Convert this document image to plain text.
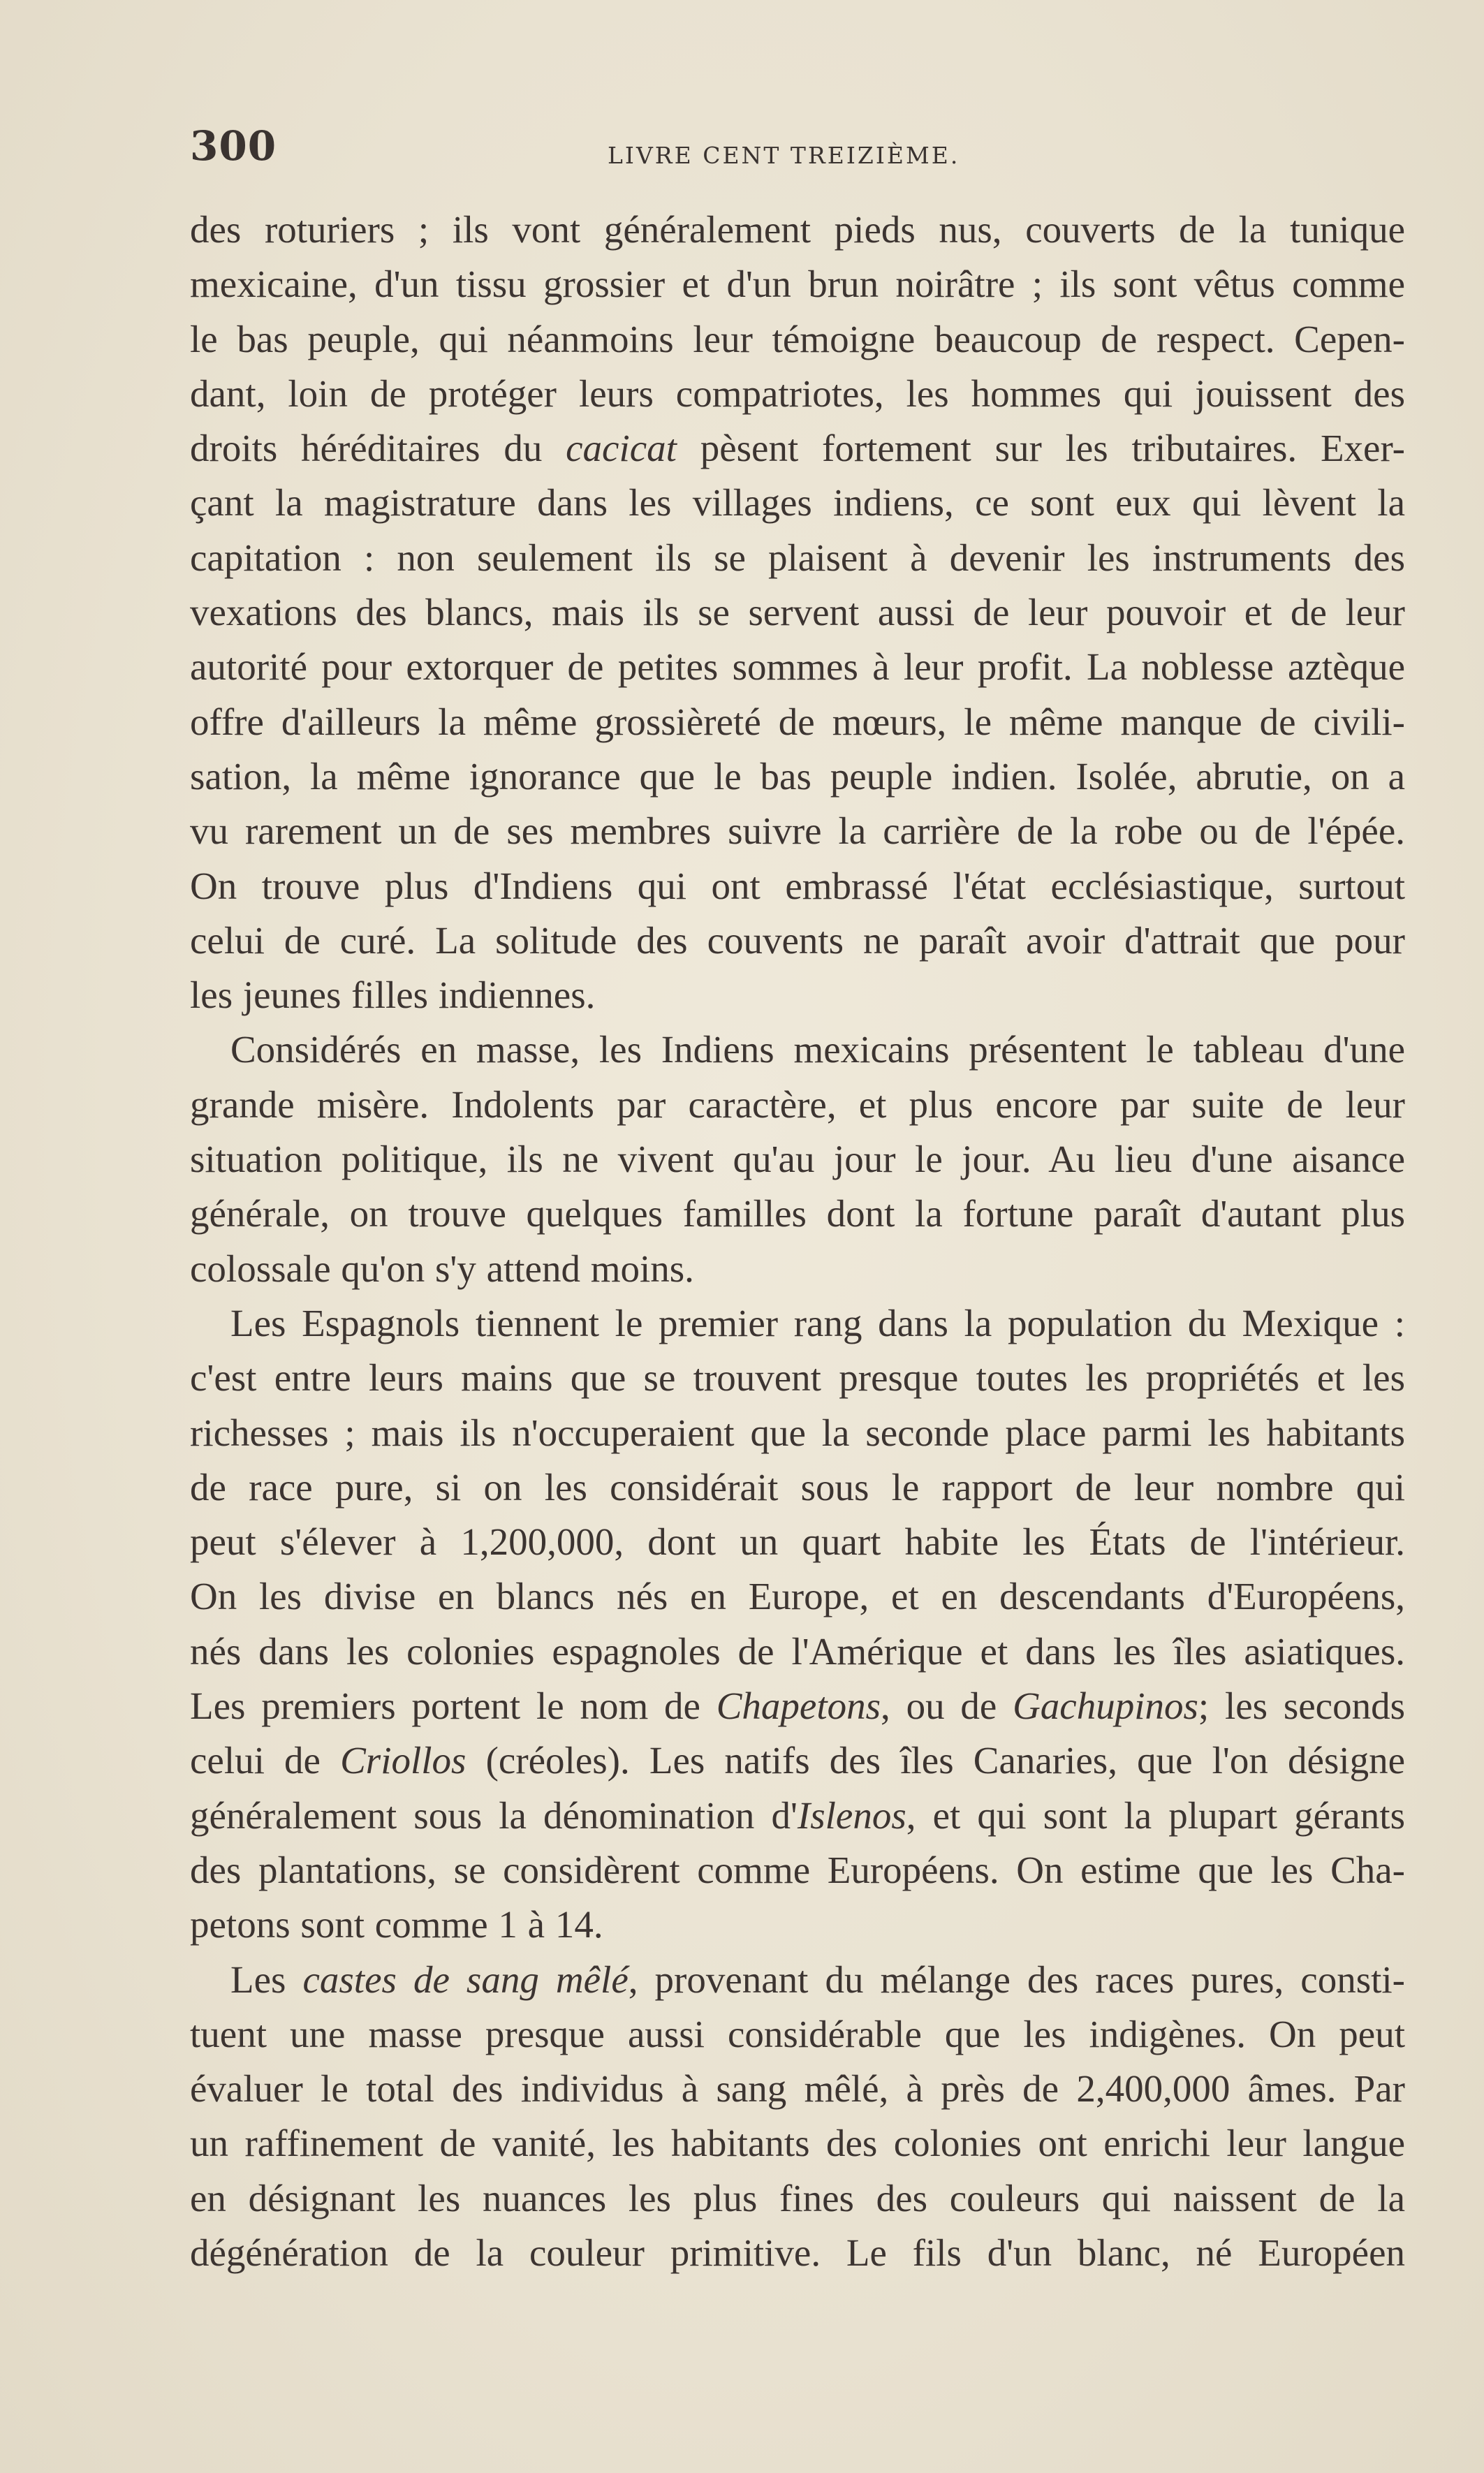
300	LIVRE CENT TREIZIÈME.
des roturiers ; ils vont généralement pieds nus, couverts de la tunique
mexicaine, d'un tissu grossier et d'un brun noirâtre ; ils sont vêtus comme
le bas peuple, qui néanmoins leur témoigne beaucoup de respect. Cepen-
dant, loin de protéger leurs compatriotes, les hommes qui jouissent des
droits héréditaires du cacicat pèsent fortement sur les tributaires. Exer-
çant la magistrature dans les villages indiens, ce sont eux qui lèvent la
capitation : non seulement ils se plaisent à devenir les instruments des
vexations des blancs, mais ils se servent aussi de leur pouvoir et de leur
autorité pour extorquer de petites sommes à leur profit. La noblesse aztèque
offre d'ailleurs la même grossièreté de mœurs, le même manque de civili-
sation, la même ignorance que le bas peuple indien. Isolée, abrutie, on a
vu rarement un de ses membres suivre la carrière de la robe ou de l'épée.
On trouve plus d'Indiens qui ont embrassé l'état ecclésiastique, surtout
celui de curé. La solitude des couvents ne paraît avoir d'attrait que pour
les jeunes filles indiennes.
Considérés en masse, les Indiens mexicains présentent le tableau d'une
grande misère. Indolents par caractère, et plus encore par suite de leur
situation politique, ils ne vivent qu'au jour le jour. Au lieu d'une aisance
générale, on trouve quelques familles dont la fortune paraît d'autant plus
colossale qu'on s'y attend moins.
Les Espagnols tiennent le premier rang dans la population du Mexique :
c'est entre leurs mains que se trouvent presque toutes les propriétés et les
richesses ; mais ils n'occuperaient que la seconde place parmi les habitants
de race pure, si on les considérait sous le rapport de leur nombre qui
peut s'élever à 1,200,000, dont un quart habite les États de l'intérieur.
On les divise en blancs nés en Europe, et en descendants d'Européens,
nés dans les colonies espagnoles de l'Amérique et dans les îles asiatiques.
Les premiers portent le nom de Chapetons, ou de Gachupinos; les seconds
celui de Criollos (créoles). Les natifs des îles Canaries, que l'on désigne
généralement sous la dénomination d'Islenos, et qui sont la plupart gérants
des plantations, se considèrent comme Européens. On estime que les Cha-
petons sont comme 1 à 14.
Les castes de sang mêlé, provenant du mélange des races pures, consti-
tuent une masse presque aussi considérable que les indigènes. On peut
évaluer le total des individus à sang mêlé, à près de 2,400,000 âmes. Par
un raffinement de vanité, les habitants des colonies ont enrichi leur langue
en désignant les nuances les plus fines des couleurs qui naissent de la
dégénération de la couleur primitive. Le fils d'un blanc, né Européen
